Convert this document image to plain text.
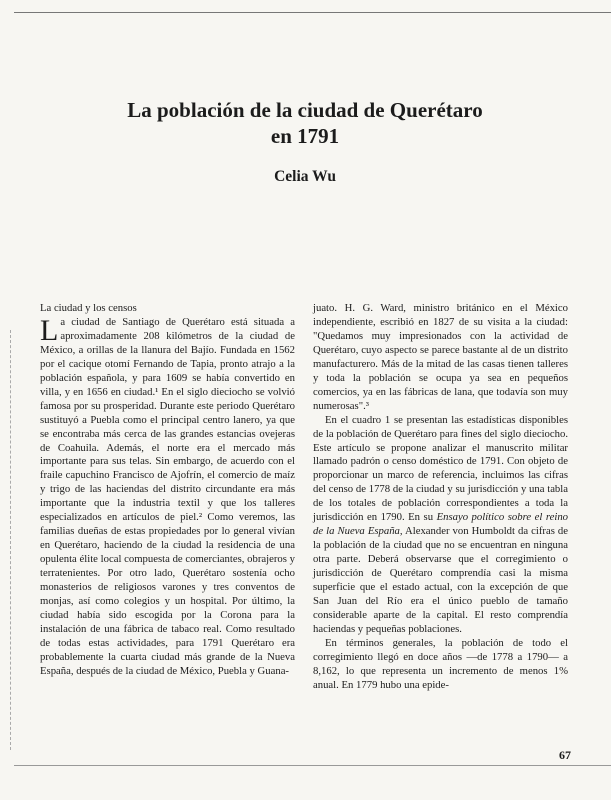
La población de la ciudad de Querétaro
en 1791
Celia Wu

La ciudad y los censos

La ciudad de Santiago de Querétaro está situada a aproximadamente 208 kilómetros de la ciudad de México, a orillas de la llanura del Bajío. Fundada en 1562 por el cacique otomí Fernando de Tapia, pronto atrajo a la población española, y para 1609 se había convertido en villa, y en 1656 en ciudad.¹ En el siglo dieciocho se volvió famosa por su prosperidad. Durante este periodo Querétaro sustituyó a Puebla como el principal centro lanero, ya que se encontraba más cerca de las grandes estancias ovejeras de Coahuila. Además, el norte era el mercado más importante para sus telas. Sin embargo, de acuerdo con el fraile capuchino Francisco de Ajofrín, el comercio de maíz y trigo de las haciendas del distrito circundante era más importante que la industria textil y que los talleres especializados en artículos de piel.² Como veremos, las familias dueñas de estas propiedades por lo general vivían en Querétaro, haciendo de la ciudad la residencia de una opulenta élite local compuesta de comerciantes, obrajeros y terratenientes. Por otro lado, Querétaro sostenía ocho monasterios de religiosos varones y tres conventos de monjas, así como colegios y un hospital. Por último, la ciudad había sido escogida por la Corona para la instalación de una fábrica de tabaco real. Como resultado de todas estas actividades, para 1791 Querétaro era probablemente la cuarta ciudad más grande de la Nueva España, después de la ciudad de México, Puebla y Guana-

juato. H. G. Ward, ministro británico en el México independiente, escribió en 1827 de su visita a la ciudad: "Quedamos muy impresionados con la actividad de Querétaro, cuyo aspecto se parece bastante al de un distrito manufacturero. Más de la mitad de las casas tienen talleres y toda la población se ocupa ya sea en pequeños comercios, ya en las fábricas de lana, que todavía son muy numerosas".³

En el cuadro 1 se presentan las estadísticas disponibles de la población de Querétaro para fines del siglo dieciocho. Este artículo se propone analizar el manuscrito militar llamado padrón o censo doméstico de 1791. Con objeto de proporcionar un marco de referencia, incluimos las cifras del censo de 1778 de la ciudad y su jurisdicción y una tabla de los totales de población correspondientes a toda la jurisdicción en 1790. En su Ensayo político sobre el reino de la Nueva España, Alexander von Humboldt da cifras de la población de la ciudad que no se encuentran en ninguna otra parte. Deberá observarse que el corregimiento o jurisdicción de Querétaro comprendía casi la misma superficie que el estado actual, con la excepción de que San Juan del Río era el único pueblo de tamaño considerable aparte de la capital. El resto comprendía haciendas y pequeñas poblaciones.

En términos generales, la población de todo el corregimiento llegó en doce años —de 1778 a 1790— a 8,162, lo que representa un incremento de menos 1% anual. En 1779 hubo una epide-

67
